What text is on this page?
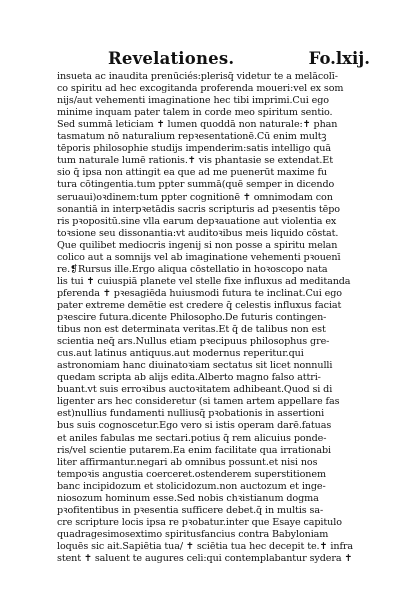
Revelationes.	Fo.lxij.
insueta ac inaudita prenūciés:plerisq̄ videtur te a melācolī-
co spiritu ad hec excogitanda proferenda moueri:vel ex som
nijs/aut vehementi imaginatione hec tibi imprimi.Cui ego
minime inquam pater talem in corde meo spiritum sentio.
Sed summā leticiam ✝ lumen quoddā non naturale:✝ phan
tasmatum nō naturalium repꝛesentationē.Cū enim multꝫ
tēporis philosophie studijs impenderim:satis intelligo quā
tum naturale lumē rationis.✝ vis phantasie se extendat.Et
sio q̄ ipsa non attingit ea que ad me puenerūt maxime fu
tura cōtingentia.tum ppter summā(quē semper in dicendo
seruaui)oꝛdinem:tum ppter cognitionē ✝ omnimodam con
sonantiā in interpꝛetādis sacris scripturis ad pꝛesentis tēpo
ris pꝛopositū.sine vlla earum depꝛauatione aut violentia ex
toꝛsione seu dissonantia:vt auditoꝛibus meis liquido cōstat.
Que quilibet mediocris ingenij si non posse a spiritu melan
colico aut a somnijs vel ab imaginatione vehementi pꝛouenī
re.❡Rursus ille.Ergo aliqua cōstellatio in hoꝛoscopo nata
lis tui ✝ cuiuspiā planete vel stelle fixe influxus ad meditanda
pferenda ✝ pꝛesagiēda huiusmodi futura te inclinat.Cui ego
pater extreme demētie est credere q̄ celestis influxus faciat
pꝛescire futura.dicente Philosopho.De futuris contingen-
tibus non est determinata veritas.Et q̄ de talibus non est
scientia neq̄ ars.Nullus etiam pꝛecipuus philosophus gre-
cus.aut latinus antiquus.aut modernus reperitur.qui
astronomiam hanc diuinatoꝛiam sectatus sit licet nonnulli
quedam scripta ab alijs edita.Alberto magno falso attri-
buant.vt suis erroꝛibus auctoꝛitatem adhibeant.Quod si di
ligenter ars hec consideretur (si tamen artem appellare fas
est)nullius fundamenti nulliusq̄ pꝛobationis in assertioni
bus suis cognoscetur.Ego vero si istis operam darē.fatuas
et aniles fabulas me sectari.potius q̄ rem alicuius ponde-
ris/vel scientie putarem.Ea enim facilitate qua irrationabi
liter affirmantur.negari ab omnibus possunt.et nisi nos
tempoꝛis angustia coerceret.ostenderem superstitionem
banc incipidozum et stolicidozum.non auctozum et inge-
niosozum hominum esse.Sed nobis chꝛistianum dogma
pꝛofitentibus in pꝛesentia sufficere debet.q̄ in multis sa-
cre scripture locis ipsa re pꝛobatur.inter que Esaye capitulo
quadragesimosextimo spiritusfancius contra Babyloniam
loquēs sic ait.Sapiētia tua/ ✝ sciētia tua hec decepit te.✝ infra
stent ✝ saluent te augures celi:qui contemplabantur sydera ✝
